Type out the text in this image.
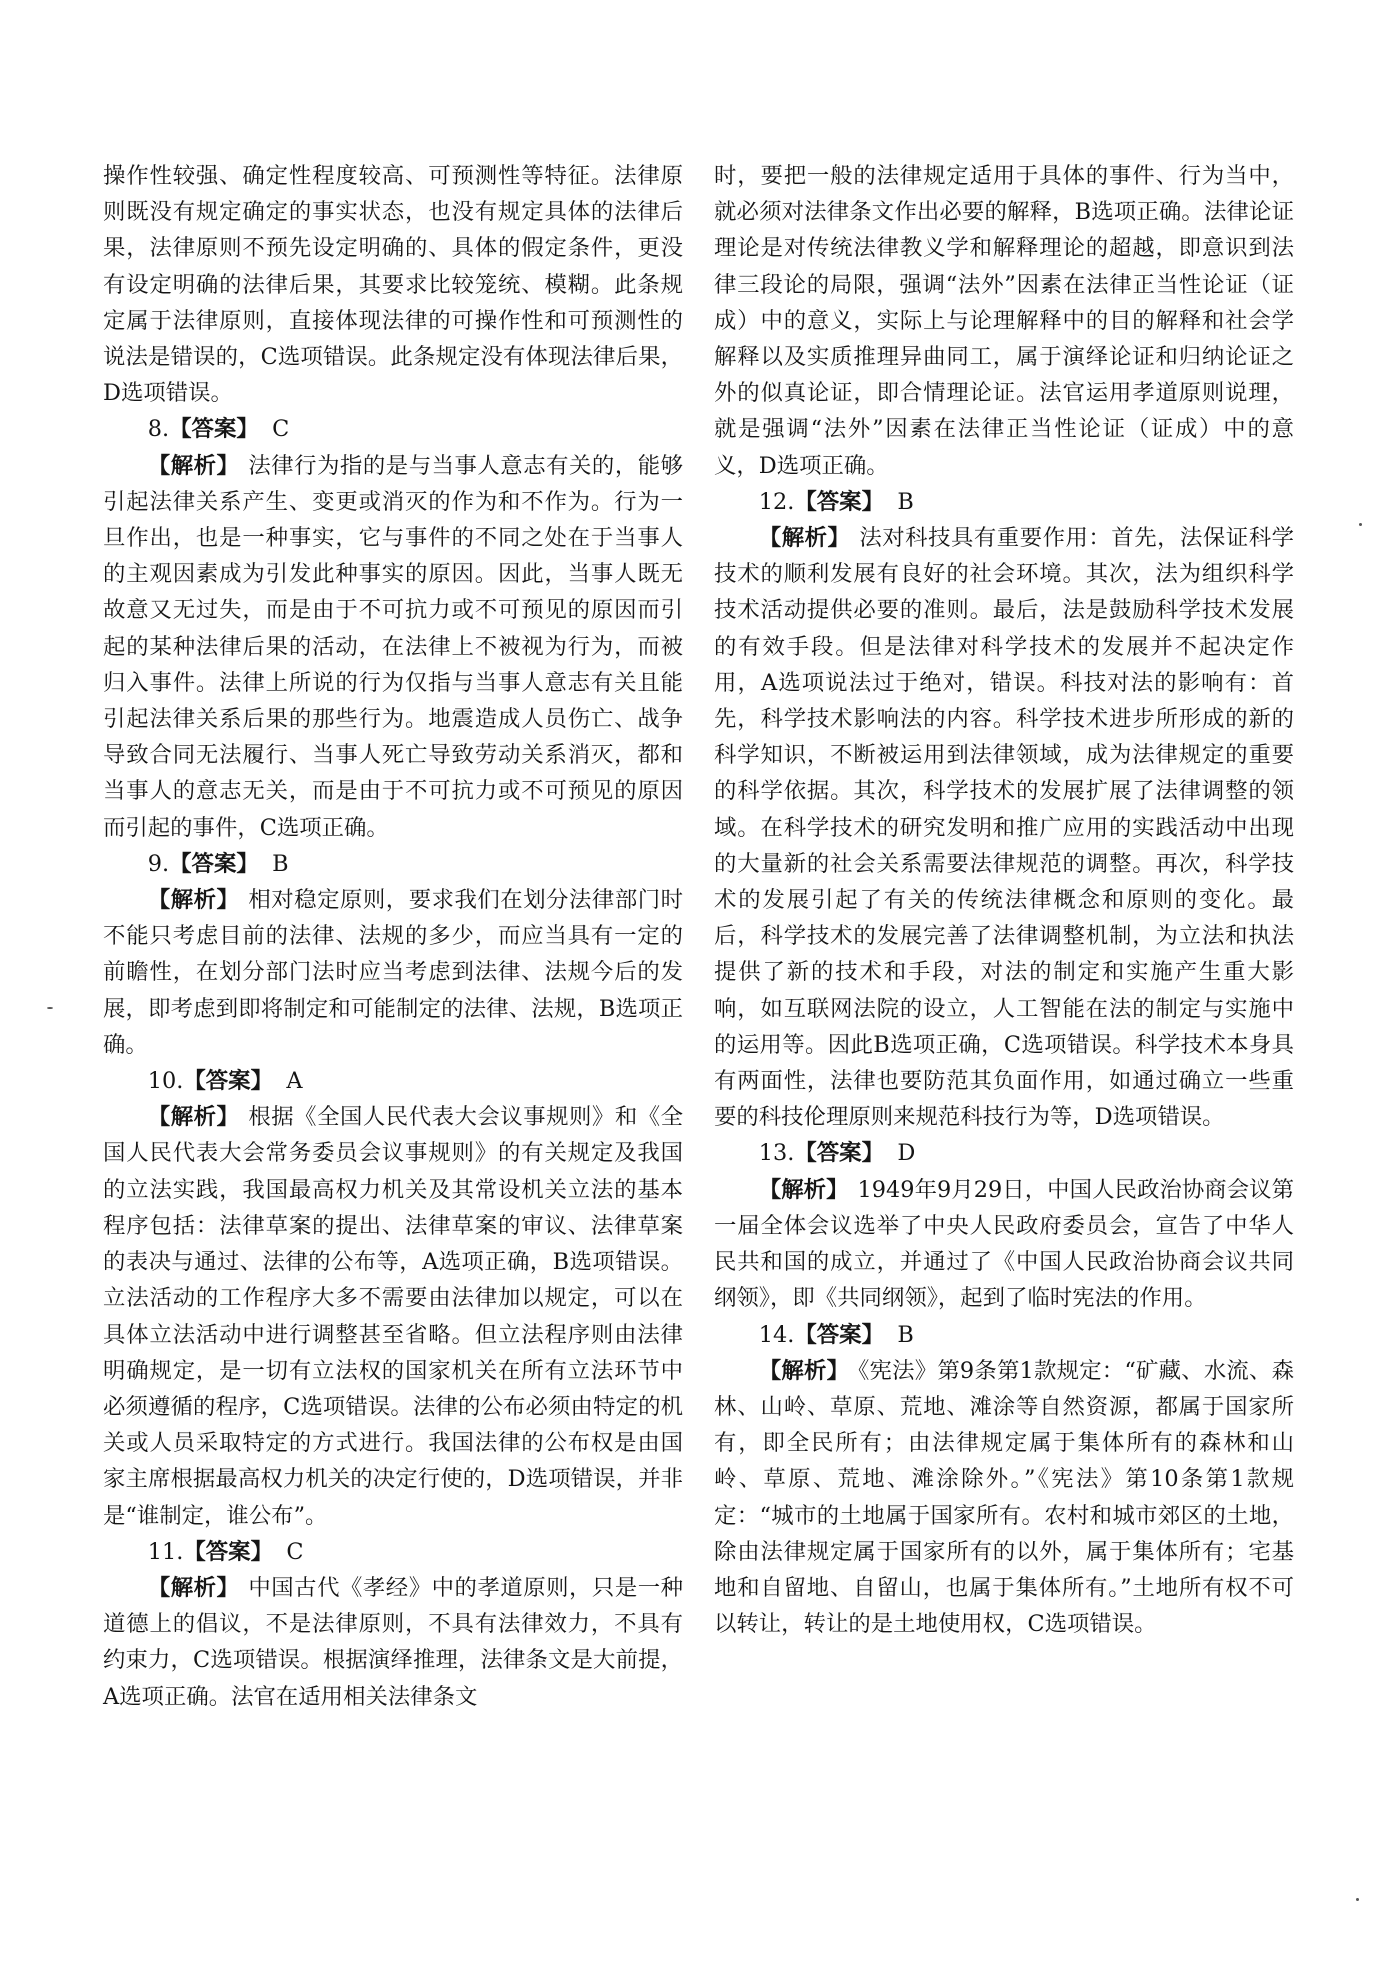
操作性较强、确定性程度较高、可预测性等特征。法律原则既没有规定确定的事实状态，也没有规定具体的法律后果，法律原则不预先设定明确的、具体的假定条件，更没有设定明确的法律后果，其要求比较笼统、模糊。此条规定属于法律原则，直接体现法律的可操作性和可预测性的说法是错误的，C选项错误。此条规定没有体现法律后果，D选项错误。

8.【答案】 C

【解析】 法律行为指的是与当事人意志有关的，能够引起法律关系产生、变更或消灭的作为和不作为。行为一旦作出，也是一种事实，它与事件的不同之处在于当事人的主观因素成为引发此种事实的原因。因此，当事人既无故意又无过失，而是由于不可抗力或不可预见的原因而引起的某种法律后果的活动，在法律上不被视为行为，而被归入事件。法律上所说的行为仅指与当事人意志有关且能引起法律关系后果的那些行为。地震造成人员伤亡、战争导致合同无法履行、当事人死亡导致劳动关系消灭，都和当事人的意志无关，而是由于不可抗力或不可预见的原因而引起的事件，C选项正确。

9.【答案】 B

【解析】 相对稳定原则，要求我们在划分法律部门时不能只考虑目前的法律、法规的多少，而应当具有一定的前瞻性，在划分部门法时应当考虑到法律、法规今后的发展，即考虑到即将制定和可能制定的法律、法规，B选项正确。

10.【答案】 A

【解析】 根据《全国人民代表大会议事规则》和《全国人民代表大会常务委员会议事规则》的有关规定及我国的立法实践，我国最高权力机关及其常设机关立法的基本程序包括：法律草案的提出、法律草案的审议、法律草案的表决与通过、法律的公布等，A选项正确，B选项错误。立法活动的工作程序大多不需要由法律加以规定，可以在具体立法活动中进行调整甚至省略。但立法程序则由法律明确规定，是一切有立法权的国家机关在所有立法环节中必须遵循的程序，C选项错误。法律的公布必须由特定的机关或人员采取特定的方式进行。我国法律的公布权是由国家主席根据最高权力机关的决定行使的，D选项错误，并非是“谁制定，谁公布”。

11.【答案】 C

【解析】 中国古代《孝经》中的孝道原则，只是一种道德上的倡议，不是法律原则，不具有法律效力，不具有约束力，C选项错误。根据演绎推理，法律条文是大前提，A选项正确。法官在适用相关法律条文

时，要把一般的法律规定适用于具体的事件、行为当中，就必须对法律条文作出必要的解释，B选项正确。法律论证理论是对传统法律教义学和解释理论的超越，即意识到法律三段论的局限，强调“法外”因素在法律正当性论证（证成）中的意义，实际上与论理解释中的目的解释和社会学解释以及实质推理异曲同工，属于演绎论证和归纳论证之外的似真论证，即合情理论证。法官运用孝道原则说理，就是强调“法外”因素在法律正当性论证（证成）中的意义，D选项正确。

12.【答案】 B

【解析】 法对科技具有重要作用：首先，法保证科学技术的顺利发展有良好的社会环境。其次，法为组织科学技术活动提供必要的准则。最后，法是鼓励科学技术发展的有效手段。但是法律对科学技术的发展并不起决定作用，A选项说法过于绝对，错误。科技对法的影响有：首先，科学技术影响法的内容。科学技术进步所形成的新的科学知识，不断被运用到法律领域，成为法律规定的重要的科学依据。其次，科学技术的发展扩展了法律调整的领域。在科学技术的研究发明和推广应用的实践活动中出现的大量新的社会关系需要法律规范的调整。再次，科学技术的发展引起了有关的传统法律概念和原则的变化。最后，科学技术的发展完善了法律调整机制，为立法和执法提供了新的技术和手段，对法的制定和实施产生重大影响，如互联网法院的设立，人工智能在法的制定与实施中的运用等。因此B选项正确，C选项错误。科学技术本身具有两面性，法律也要防范其负面作用，如通过确立一些重要的科技伦理原则来规范科技行为等，D选项错误。

13.【答案】 D

【解析】 1949年9月29日，中国人民政治协商会议第一届全体会议选举了中央人民政府委员会，宣告了中华人民共和国的成立，并通过了《中国人民政治协商会议共同纲领》，即《共同纲领》，起到了临时宪法的作用。

14.【答案】 B

【解析】 《宪法》第9条第1款规定：“矿藏、水流、森林、山岭、草原、荒地、滩涂等自然资源，都属于国家所有，即全民所有；由法律规定属于集体所有的森林和山岭、草原、荒地、滩涂除外。”《宪法》第10条第1款规定：“城市的土地属于国家所有。农村和城市郊区的土地，除由法律规定属于国家所有的以外，属于集体所有；宅基地和自留地、自留山，也属于集体所有。”土地所有权不可以转让，转让的是土地使用权，C选项错误。
